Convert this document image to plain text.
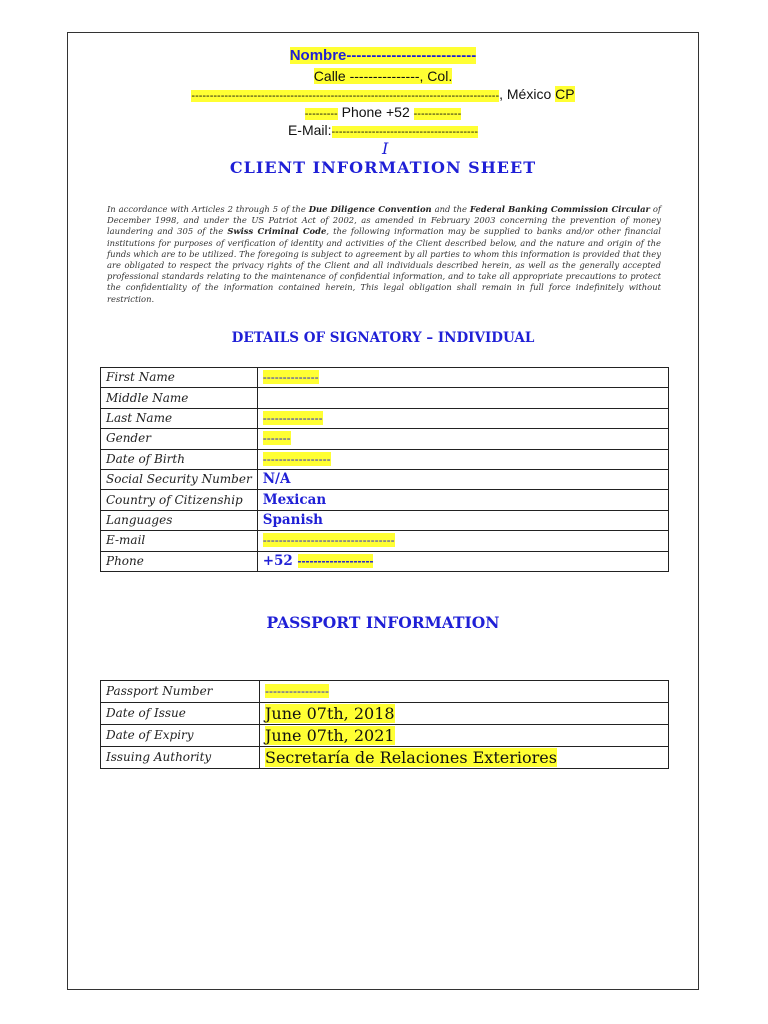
Nombre--------------------------
Calle ---------------, Col.
------------------------------------------------------------------------------------, México CP
--------- Phone +52 -------------
E-Mail:----------------------------------------
I
CLIENT INFORMATION SHEET
In accordance with Articles 2 through 5 of the Due Diligence Convention and the Federal Banking Commission Circular of December 1998, and under the US Patriot Act of 2002, as amended in February 2003 concerning the prevention of money laundering and 305 of the Swiss Criminal Code, the following information may be supplied to banks and/or other financial institutions for purposes of verification of identity and activities of the Client described below, and the nature and origin of the funds which are to be utilized. The foregoing is subject to agreement by all parties to whom this information is provided that they are obligated to respect the privacy rights of the Client and all individuals described herein, as well as the generally accepted professional standards relating to the maintenance of confidential information, and to take all appropriate precautions to protect the confidentiality of the information contained herein, This legal obligation shall remain in full force indefinitely without restriction.
DETAILS OF SIGNATORY – INDIVIDUAL
First Name	--------------
Middle Name	
Last Name	---------------
Gender	-------
Date of Birth	-----------------
Social Security Number	N/A
Country of Citizenship	Mexican
Languages	Spanish
E-mail	---------------------------------
Phone	+52 -------------------
PASSPORT INFORMATION
Passport Number	----------------
Date of Issue	June 07th, 2018
Date of Expiry	June 07th, 2021
Issuing Authority	Secretaría de Relaciones Exteriores
